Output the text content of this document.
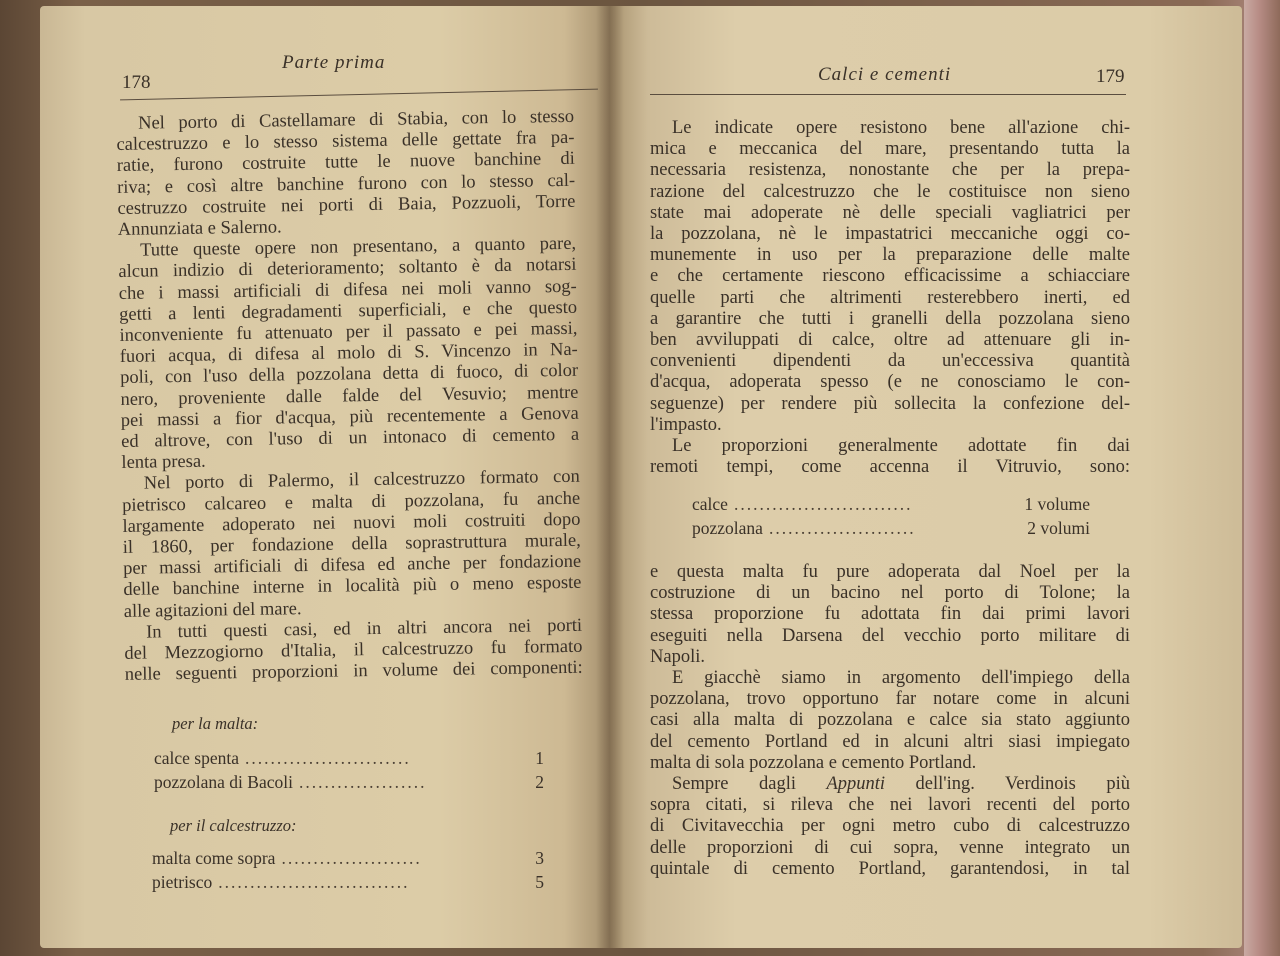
178
Parte prima
Nel porto di Castellamare di Stabia, con lo stesso
calcestruzzo e lo stesso sistema delle gettate fra pa-
ratie, furono costruite tutte le nuove banchine di
riva; e così altre banchine furono con lo stesso cal-
cestruzzo costruite nei porti di Baia, Pozzuoli, Torre
Annunziata e Salerno.
Tutte queste opere non presentano, a quanto pare,
alcun indizio di deterioramento; soltanto è da notarsi
che i massi artificiali di difesa nei moli vanno sog-
getti a lenti degradamenti superficiali, e che questo
inconveniente fu attenuato per il passato e pei massi,
fuori acqua, di difesa al molo di S. Vincenzo in Na-
poli, con l'uso della pozzolana detta di fuoco, di color
nero, proveniente dalle falde del Vesuvio; mentre
pei massi a fior d'acqua, più recentemente a Genova
ed altrove, con l'uso di un intonaco di cemento a
lenta presa.
Nel porto di Palermo, il calcestruzzo formato con
pietrisco calcareo e malta di pozzolana, fu anche
largamente adoperato nei nuovi moli costruiti dopo
il 1860, per fondazione della soprastruttura murale,
per massi artificiali di difesa ed anche per fondazione
delle banchine interne in località più o meno esposte
alle agitazioni del mare.
In tutti questi casi, ed in altri ancora nei porti
del Mezzogiorno d'Italia, il calcestruzzo fu formato
nelle seguenti proporzioni in volume dei componenti:
per la malta:
calce spenta ..........................	1
pozzolana di Bacoli ....................	2
per il calcestruzzo:
malta come sopra ......................	3
pietrisco ..............................	5
Calci e cementi	179
Le indicate opere resistono bene all'azione chi-
mica e meccanica del mare, presentando tutta la
necessaria resistenza, nonostante che per la prepa-
razione del calcestruzzo che le costituisce non sieno
state mai adoperate nè delle speciali vagliatrici per
la pozzolana, nè le impastatrici meccaniche oggi co-
munemente in uso per la preparazione delle malte
e che certamente riescono efficacissime a schiacciare
quelle parti che altrimenti resterebbero inerti, ed
a garantire che tutti i granelli della pozzolana sieno
ben avviluppati di calce, oltre ad attenuare gli in-
convenienti dipendenti da un'eccessiva quantità
d'acqua, adoperata spesso (e ne conosciamo le con-
seguenze) per rendere più sollecita la confezione del-
l'impasto.
Le proporzioni generalmente adottate fin dai
remoti tempi, come accenna il Vitruvio, sono:
calce ............................	1 volume
pozzolana .......................	2 volumi
e questa malta fu pure adoperata dal Noel per la
costruzione di un bacino nel porto di Tolone; la
stessa proporzione fu adottata fin dai primi lavori
eseguiti nella Darsena del vecchio porto militare di
Napoli.
E giacchè siamo in argomento dell'impiego della
pozzolana, trovo opportuno far notare come in alcuni
casi alla malta di pozzolana e calce sia stato aggiunto
del cemento Portland ed in alcuni altri siasi impiegato
malta di sola pozzolana e cemento Portland.
Sempre dagli Appunti dell'ing. Verdinois più
sopra citati, si rileva che nei lavori recenti del porto
di Civitavecchia per ogni metro cubo di calcestruzzo
delle proporzioni di cui sopra, venne integrato un
quintale di cemento Portland, garantendosi, in tal
